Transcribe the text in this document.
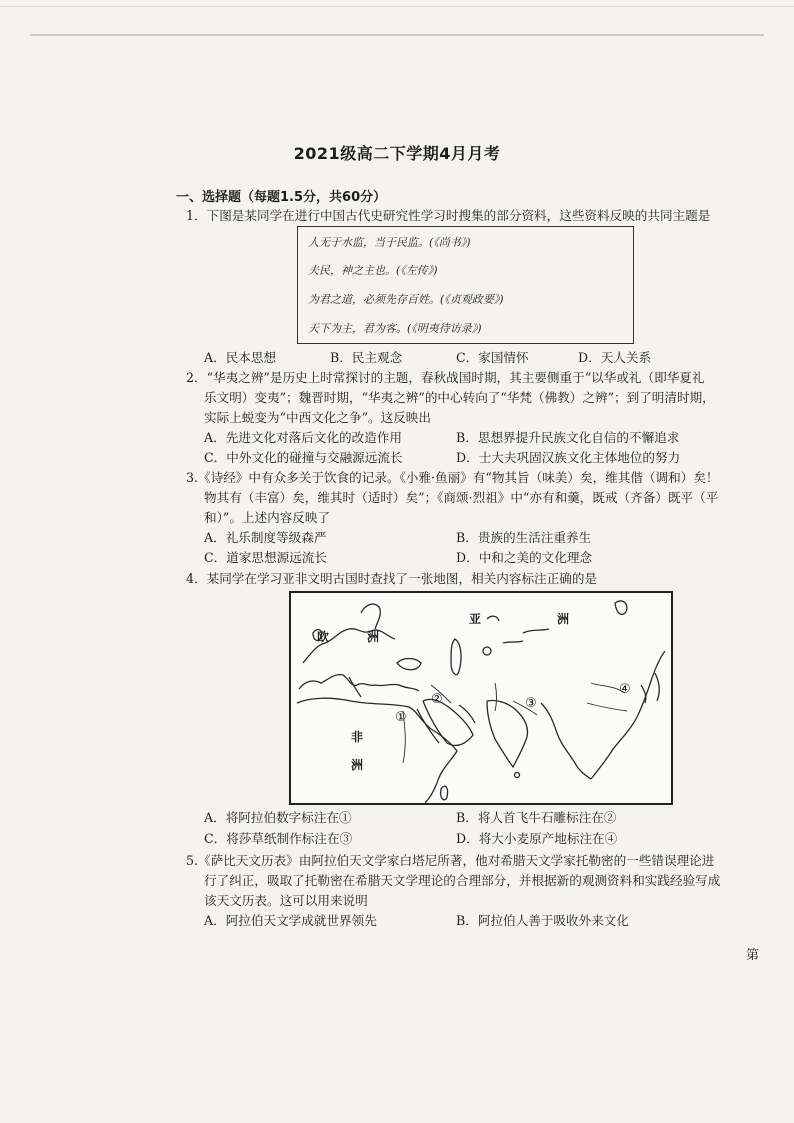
2021级高二下学期4月月考
一、选择题（每题1.5分，共60分）
1．下图是某同学在进行中国古代史研究性学习时搜集的部分资料，这些资料反映的共同主题是
人无于水监，当于民监。(《尚书》)
夫民，神之主也。(《左传》)
为君之道，必须先存百姓。(《贞观政要》)
天下为主，君为客。(《明夷待访录》)
A．民本思想	B．民主观念	C．家国情怀	D．天人关系
2．“华夷之辨”是历史上时常探讨的主题，春秋战国时期，其主要侧重于“以华或礼（即华夏礼
乐文明）变夷”；魏晋时期，“华夷之辨”的中心转向了“华梵（佛教）之辨”；到了明清时期，
实际上蜕变为“中西文化之争”。这反映出
A．先进文化对落后文化的改造作用	B．思想界提升民族文化自信的不懈追求
C．中外文化的碰撞与交融源远流长	D．士大夫巩固汉族文化主体地位的努力
3.《诗经》中有众多关于饮食的记录。《小雅·鱼丽》有“物其旨（味美）矣，维其偕（调和）矣！
物其有（丰富）矣，维其时（适时）矣”；《商颂·烈祖》中“亦有和羹，既戒（齐备）既平（平
和）”。上述内容反映了
A．礼乐制度等级森严	B．贵族的生活注重养生
C．道家思想源远流长	D．中和之美的文化理念
4．某同学在学习亚非文明古国时查找了一张地图，相关内容标注正确的是
亚	洲
欧	洲
非
洲
①
②	③
④
A．将阿拉伯数字标注在①	B．将人首飞牛石雕标注在②
C．将莎草纸制作标注在③	D．将大小麦原产地标注在④
5.《萨比天文历表》由阿拉伯天文学家白塔尼所著，他对希腊天文学家托勒密的一些错误理论进
行了纠正，吸取了托勒密在希腊天文学理论的合理部分，并根据新的观测资料和实践经验写成
该天文历表。这可以用来说明
A．阿拉伯天文学成就世界领先	B．阿拉伯人善于吸收外来文化
第
